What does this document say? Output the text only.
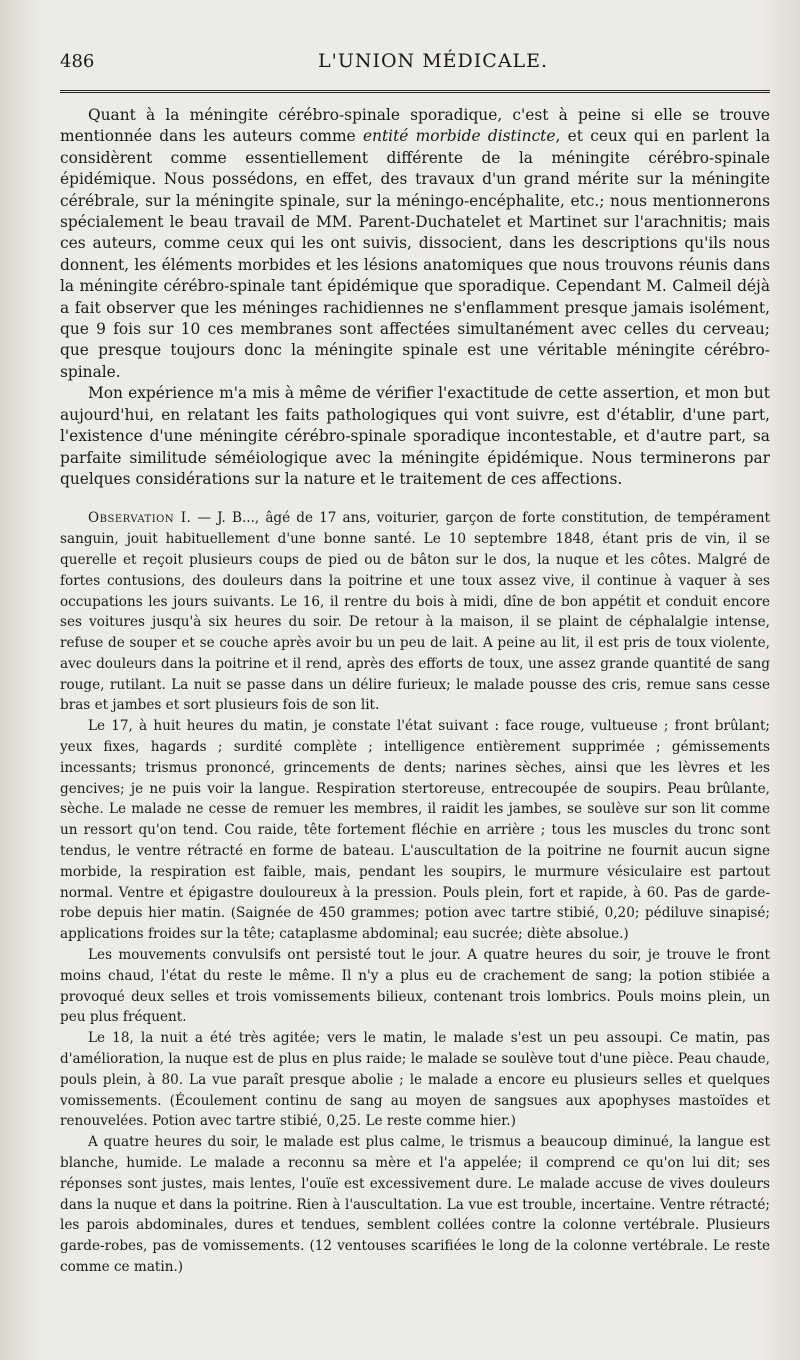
486	L'UNION MÉDICALE.

Quant à la méningite cérébro-spinale sporadique, c'est à peine si elle se trouve mentionnée dans les auteurs comme entité morbide distincte, et ceux qui en parlent la considèrent comme essentiellement différente de la méningite cérébro-spinale épidémique. Nous possédons, en effet, des travaux d'un grand mérite sur la méningite cérébrale, sur la méningite spinale, sur la méningo-encéphalite, etc.; nous mentionnerons spécialement le beau travail de MM. Parent-Duchatelet et Martinet sur l'arachnitis; mais ces auteurs, comme ceux qui les ont suivis, dissocient, dans les descriptions qu'ils nous donnent, les éléments morbides et les lésions anatomiques que nous trouvons réunis dans la méningite cérébro-spinale tant épidémique que sporadique. Cependant M. Calmeil déjà a fait observer que les méninges rachidiennes ne s'enflamment presque jamais isolément, que 9 fois sur 10 ces membranes sont affectées simultanément avec celles du cerveau; que presque toujours donc la méningite spinale est une véritable méningite cérébro-spinale.

Mon expérience m'a mis à même de vérifier l'exactitude de cette assertion, et mon but aujourd'hui, en relatant les faits pathologiques qui vont suivre, est d'établir, d'une part, l'existence d'une méningite cérébro-spinale sporadique incontestable, et d'autre part, sa parfaite similitude séméiologique avec la méningite épidémique. Nous terminerons par quelques considérations sur la nature et le traitement de ces affections.

Observation I. — J. B..., âgé de 17 ans, voiturier, garçon de forte constitution, de tempérament sanguin, jouit habituellement d'une bonne santé. Le 10 septembre 1848, étant pris de vin, il se querelle et reçoit plusieurs coups de pied ou de bâton sur le dos, la nuque et les côtes. Malgré de fortes contusions, des douleurs dans la poitrine et une toux assez vive, il continue à vaquer à ses occupations les jours suivants. Le 16, il rentre du bois à midi, dîne de bon appétit et conduit encore ses voitures jusqu'à six heures du soir. De retour à la maison, il se plaint de céphalalgie intense, refuse de souper et se couche après avoir bu un peu de lait. A peine au lit, il est pris de toux violente, avec douleurs dans la poitrine et il rend, après des efforts de toux, une assez grande quantité de sang rouge, rutilant. La nuit se passe dans un délire furieux; le malade pousse des cris, remue sans cesse bras et jambes et sort plusieurs fois de son lit.

Le 17, à huit heures du matin, je constate l'état suivant : face rouge, vultueuse ; front brûlant; yeux fixes, hagards ; surdité complète ; intelligence entièrement supprimée ; gémissements incessants; trismus prononcé, grincements de dents; narines sèches, ainsi que les lèvres et les gencives; je ne puis voir la langue. Respiration stertoreuse, entrecoupée de soupirs. Peau brûlante, sèche. Le malade ne cesse de remuer les membres, il raidit les jambes, se soulève sur son lit comme un ressort qu'on tend. Cou raide, tête fortement fléchie en arrière ; tous les muscles du tronc sont tendus, le ventre rétracté en forme de bateau. L'auscultation de la poitrine ne fournit aucun signe morbide, la respiration est faible, mais, pendant les soupirs, le murmure vésiculaire est partout normal. Ventre et épigastre douloureux à la pression. Pouls plein, fort et rapide, à 60. Pas de garde-robe depuis hier matin. (Saignée de 450 grammes; potion avec tartre stibié, 0,20; pédiluve sinapisé; applications froides sur la tête; cataplasme abdominal; eau sucrée; diète absolue.)

Les mouvements convulsifs ont persisté tout le jour. A quatre heures du soir, je trouve le front moins chaud, l'état du reste le même. Il n'y a plus eu de crachement de sang; la potion stibiée a provoqué deux selles et trois vomissements bilieux, contenant trois lombrics. Pouls moins plein, un peu plus fréquent.

Le 18, la nuit a été très agitée; vers le matin, le malade s'est un peu assoupi. Ce matin, pas d'amélioration, la nuque est de plus en plus raide; le malade se soulève tout d'une pièce. Peau chaude, pouls plein, à 80. La vue paraît presque abolie ; le malade a encore eu plusieurs selles et quelques vomissements. (Écoulement continu de sang au moyen de sangsues aux apophyses mastoïdes et renouvelées. Potion avec tartre stibié, 0,25. Le reste comme hier.)

A quatre heures du soir, le malade est plus calme, le trismus a beaucoup diminué, la langue est blanche, humide. Le malade a reconnu sa mère et l'a appelée; il comprend ce qu'on lui dit; ses réponses sont justes, mais lentes, l'ouïe est excessivement dure. Le malade accuse de vives douleurs dans la nuque et dans la poitrine. Rien à l'auscultation. La vue est trouble, incertaine. Ventre rétracté; les parois abdominales, dures et tendues, semblent collées contre la colonne vertébrale. Plusieurs garde-robes, pas de vomissements. (12 ventouses scarifiées le long de la colonne vertébrale. Le reste comme ce matin.)
